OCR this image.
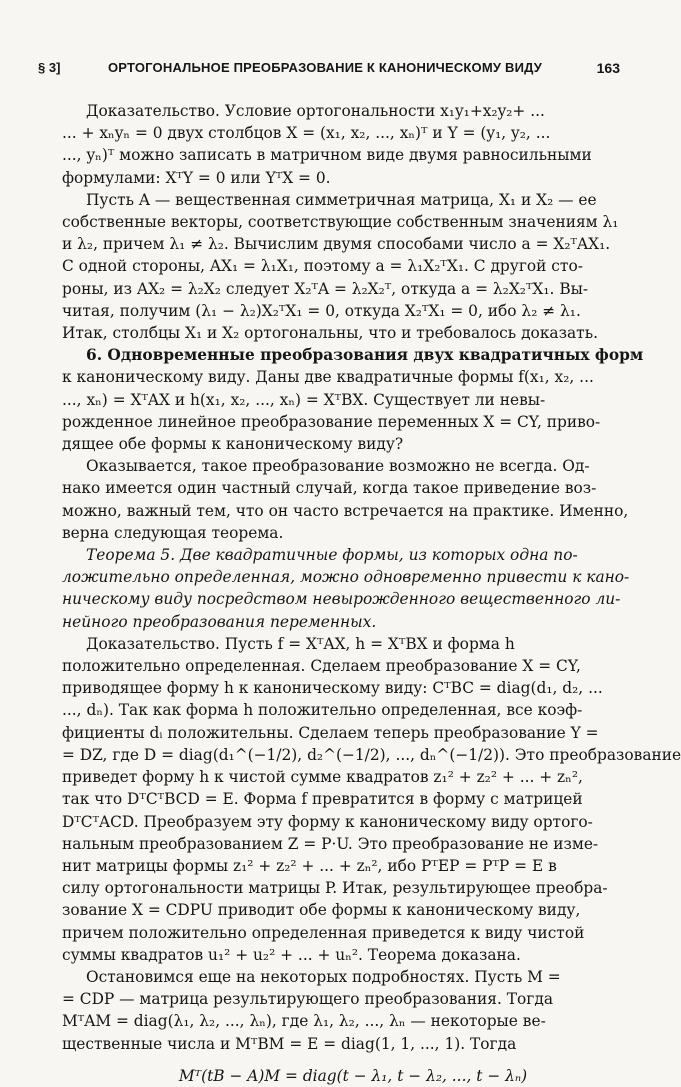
§ 3]	ОРТОГОНАЛЬНОЕ ПРЕОБРАЗОВАНИЕ К КАНОНИЧЕСКОМУ ВИДУ	163
Доказательство. Условие ортогональности x₁y₁+x₂y₂+ ...
... + xₙyₙ = 0 двух столбцов X = (x₁, x₂, ..., xₙ)ᵀ и Y = (y₁, y₂, ...
..., yₙ)ᵀ можно записать в матричном виде двумя равносильными
формулами: XᵀY = 0 или YᵀX = 0.
Пусть A — вещественная симметричная матрица, X₁ и X₂ — ее
собственные векторы, соответствующие собственным значениям λ₁
и λ₂, причем λ₁ ≠ λ₂. Вычислим двумя способами число a = X₂ᵀAX₁.
С одной стороны, AX₁ = λ₁X₁, поэтому a = λ₁X₂ᵀX₁. С другой сто-
роны, из AX₂ = λ₂X₂ следует X₂ᵀA = λ₂X₂ᵀ, откуда a = λ₂X₂ᵀX₁. Вы-
читая, получим (λ₁ − λ₂)X₂ᵀX₁ = 0, откуда X₂ᵀX₁ = 0, ибо λ₂ ≠ λ₁.
Итак, столбцы X₁ и X₂ ортогональны, что и требовалось доказать.
6. Одновременные преобразования двух квадратичных форм
к каноническому виду. Даны две квадратичные формы f(x₁, x₂, ...
..., xₙ) = XᵀAX и h(x₁, x₂, ..., xₙ) = XᵀBX. Существует ли невы-
рожденное линейное преобразование переменных X = CY, приво-
дящее обе формы к каноническому виду?
Оказывается, такое преобразование возможно не всегда. Од-
нако имеется один частный случай, когда такое приведение воз-
можно, важный тем, что он часто встречается на практике. Именно,
верна следующая теорема.
Теорема 5. Две квадратичные формы, из которых одна по-
ложительно определенная, можно одновременно привести к кано-
ническому виду посредством невырожденного вещественного ли-
нейного преобразования переменных.
Доказательство. Пусть f = XᵀAX, h = XᵀBX и форма h
положительно определенная. Сделаем преобразование X = CY,
приводящее форму h к каноническому виду: CᵀBC = diag(d₁, d₂, ...
..., dₙ). Так как форма h положительно определенная, все коэф-
фициенты dᵢ положительны. Сделаем теперь преобразование Y =
= DZ, где D = diag(d₁^(−1/2), d₂^(−1/2), ..., dₙ^(−1/2)). Это преобразование
приведет форму h к чистой сумме квадратов z₁² + z₂² + ... + zₙ²,
так что DᵀCᵀBCD = E. Форма f превратится в форму с матрицей
DᵀCᵀACD. Преобразуем эту форму к каноническому виду ортого-
нальным преобразованием Z = P·U. Это преобразование не изме-
нит матрицы формы z₁² + z₂² + ... + zₙ², ибо PᵀEP = PᵀP = E в
силу ортогональности матрицы P. Итак, результирующее преобра-
зование X = CDPU приводит обе формы к каноническому виду,
причем положительно определенная приведется к виду чистой
суммы квадратов u₁² + u₂² + ... + uₙ². Теорема доказана.
Остановимся еще на некоторых подробностях. Пусть M =
= CDP — матрица результирующего преобразования. Тогда
MᵀAM = diag(λ₁, λ₂, ..., λₙ), где λ₁, λ₂, ..., λₙ — некоторые ве-
щественные числа и MᵀBM = E = diag(1, 1, ..., 1). Тогда
Mᵀ(tB − A)M = diag(t − λ₁, t − λ₂, ..., t − λₙ)
